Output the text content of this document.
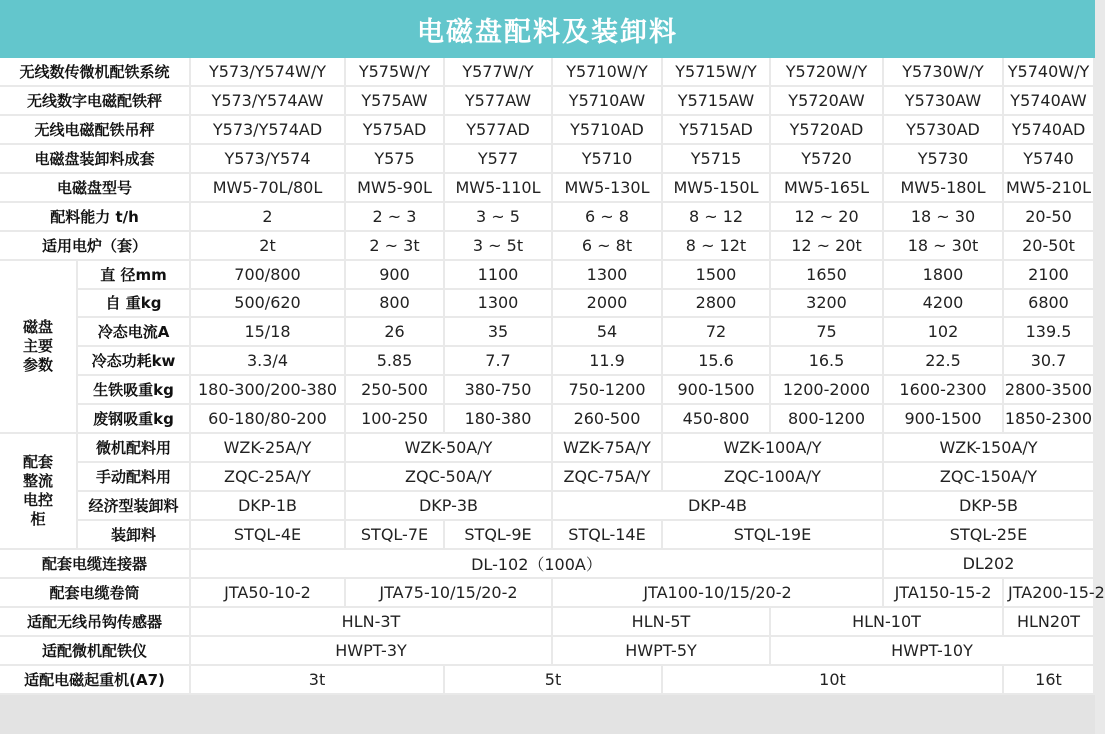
电磁盘配料及装卸料
无线数传微机配铁系统	Y573/Y574W/Y	Y575W/Y	Y577W/Y	Y5710W/Y	Y5715W/Y	Y5720W/Y	Y5730W/Y	Y5740W/Y
无线数字电磁配铁秤	Y573/Y574AW	Y575AW	Y577AW	Y5710AW	Y5715AW	Y5720AW	Y5730AW	Y5740AW
无线电磁配铁吊秤	Y573/Y574AD	Y575AD	Y577AD	Y5710AD	Y5715AD	Y5720AD	Y5730AD	Y5740AD
电磁盘装卸料成套	Y573/Y574	Y575	Y577	Y5710	Y5715	Y5720	Y5730	Y5740
电磁盘型号	MW5-70L/80L	MW5-90L	MW5-110L	MW5-130L	MW5-150L	MW5-165L	MW5-180L	MW5-210L
配料能力 t/h	2	2 ~ 3	3 ~ 5	6 ~ 8	8 ~ 12	12 ~ 20	18 ~ 30	20-50
适用电炉（套）	2t	2 ~ 3t	3 ~ 5t	6 ~ 8t	8 ~ 12t	12 ~ 20t	18 ~ 30t	20-50t
磁盘主要参数
直 径mm	700/800	900	1100	1300	1500	1650	1800	2100
自 重kg	500/620	800	1300	2000	2800	3200	4200	6800
冷态电流A	15/18	26	35	54	72	75	102	139.5
冷态功耗kw	3.3/4	5.85	7.7	11.9	15.6	16.5	22.5	30.7
生铁吸重kg	180-300/200-380	250-500	380-750	750-1200	900-1500	1200-2000	1600-2300	2800-3500
废钢吸重kg	60-180/80-200	100-250	180-380	260-500	450-800	800-1200	900-1500	1850-2300
配套整流电控柜
微机配料用	WZK-25A/Y	WZK-50A/Y	WZK-75A/Y	WZK-100A/Y	WZK-150A/Y
手动配料用	ZQC-25A/Y	ZQC-50A/Y	ZQC-75A/Y	ZQC-100A/Y	ZQC-150A/Y
经济型装卸料	DKP-1B	DKP-3B	DKP-4B	DKP-5B
装卸料	STQL-4E	STQL-7E	STQL-9E	STQL-14E	STQL-19E	STQL-25E
配套电缆连接器	DL-102（100A）	DL202
配套电缆卷筒	JTA50-10-2	JTA75-10/15/20-2	JTA100-10/15/20-2	JTA150-15-2	JTA200-15-2
适配无线吊钩传感器	HLN-3T	HLN-5T	HLN-10T	HLN20T
适配微机配铁仪	HWPT-3Y	HWPT-5Y	HWPT-10Y
适配电磁起重机(A7)	3t	5t	10t	16t
